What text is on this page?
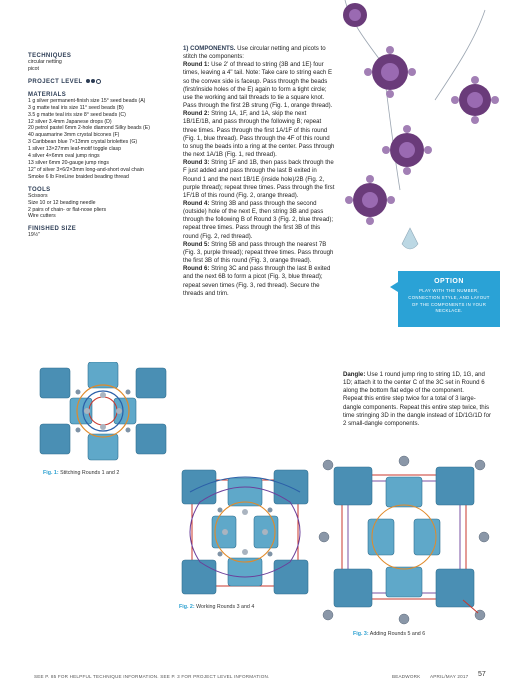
TECHNIQUES
circular netting
picot
PROJECT LEVEL
MATERIALS
1 g silver permanent-finish size 15° seed beads (A)
3 g matte teal iris size 11° seed beads (B)
3.5 g matte teal iris size 8° seed beads (C)
12 silver 3.4mm Japanese drops (D)
20 petrol pastel 6mm 2-hole diamond Silky beads (E)
40 aquamarine 3mm crystal bicones (F)
3 Caribbean blue 7×13mm crystal briolettes (G)
1 silver 13×27mm leaf-motif toggle clasp
4 silver 4×6mm oval jump rings
13 silver 6mm 20-gauge jump rings
12" of silver 3×6/2×3mm long-and-short oval chain
Smoke 6 lb FireLine braided beading thread
TOOLS
Scissors
Size 10 or 12 beading needle
2 pairs of chain- or flat-nose pliers
Wire cutters
FINISHED SIZE
19½"

1) COMPONENTS. Use circular netting and picots to stitch the components:

Round 1: Use 2' of thread to string {3B and 1E} four times, leaving a 4" tail. Note: Take care to string each E so the convex side is faceup. Pass through the beads (first/inside holes of the E) again to form a tight circle; use the working and tail threads to tie a square knot. Pass through the first 2B strung (Fig. 1, orange thread).

Round 2: String 1A, 1F, and 1A, skip the next 1B/1E/1B, and pass through the following B; repeat three times. Pass through the first 1A/1F of this round (Fig. 1, blue thread). Pass through the 4F of this round to snug the beads into a ring at the center. Pass through the next 1A/1B (Fig. 1, red thread).

Round 3: String 1F and 1B, then pass back through the F just added and pass through the last B exited in Round 1 and the next 1B/1E (inside hole)/2B (Fig. 2, purple thread); repeat three times. Pass through the first 1F/1B of this round (Fig. 2, orange thread).

Round 4: String 3B and pass through the second (outside) hole of the next E, then string 3B and pass through the following B of Round 3 (Fig. 2, blue thread); repeat three times. Pass through the first 3B of this round (Fig. 2, red thread).

Round 5: String 5B and pass through the nearest 7B (Fig. 3, purple thread); repeat three times. Pass through the first 3B of this round (Fig. 3, orange thread).

Round 6: String 3C and pass through the last B exited and the next 6B to form a picot (Fig. 3, blue thread); repeat seven times (Fig. 3, red thread). Secure the threads and trim.

Dangle: Use 1 round jump ring to string 1D, 1G, and 1D; attach it to the center C of the 3C set in Round 6 along the bottom flat edge of the component.

Repeat this entire step twice for a total of 3 large-dangle components. Repeat this entire step twice, this time stringing 3D in the dangle instead of 1D/1G/1D for 2 small-dangle components.

OPTION
PLAY WITH THE NUMBER, CONNECTION STYLE, AND LAYOUT OF THE COMPONENTS IN YOUR NECKLACE.
Fig. 1: Stitching Rounds 1 and 2
Fig. 2: Working Rounds 3 and 4
Fig. 3: Adding Rounds 5 and 6
SEE P. 85 FOR HELPFUL TECHNIQUE INFORMATION. SEE P. 3 FOR PROJECT LEVEL INFORMATION.	BEADWORK APRIL/MAY 2017 57
